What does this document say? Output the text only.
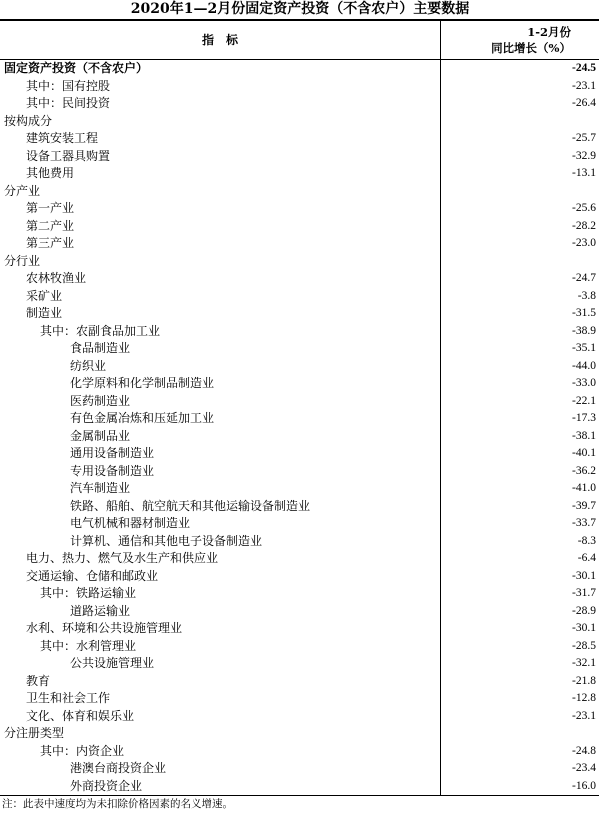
2020年1—2月份固定资产投资（不含农户）主要数据
指　标
1-2月份
同比增长（%）
固定资产投资（不含农户）	-24.5
其中：国有控股	-23.1
其中：民间投资	-26.4
按构成分
建筑安装工程	-25.7
设备工器具购置	-32.9
其他费用	-13.1
分产业
第一产业	-25.6
第二产业	-28.2
第三产业	-23.0
分行业
农林牧渔业	-24.7
采矿业	-3.8
制造业	-31.5
其中：农副食品加工业	-38.9
食品制造业	-35.1
纺织业	-44.0
化学原料和化学制品制造业	-33.0
医药制造业	-22.1
有色金属冶炼和压延加工业	-17.3
金属制品业	-38.1
通用设备制造业	-40.1
专用设备制造业	-36.2
汽车制造业	-41.0
铁路、船舶、航空航天和其他运输设备制造业	-39.7
电气机械和器材制造业	-33.7
计算机、通信和其他电子设备制造业	-8.3
电力、热力、燃气及水生产和供应业	-6.4
交通运输、仓储和邮政业	-30.1
其中：铁路运输业	-31.7
道路运输业	-28.9
水利、环境和公共设施管理业	-30.1
其中：水利管理业	-28.5
公共设施管理业	-32.1
教育	-21.8
卫生和社会工作	-12.8
文化、体育和娱乐业	-23.1
分注册类型
其中：内资企业	-24.8
港澳台商投资企业	-23.4
外商投资企业	-16.0
注：此表中速度均为未扣除价格因素的名义增速。
